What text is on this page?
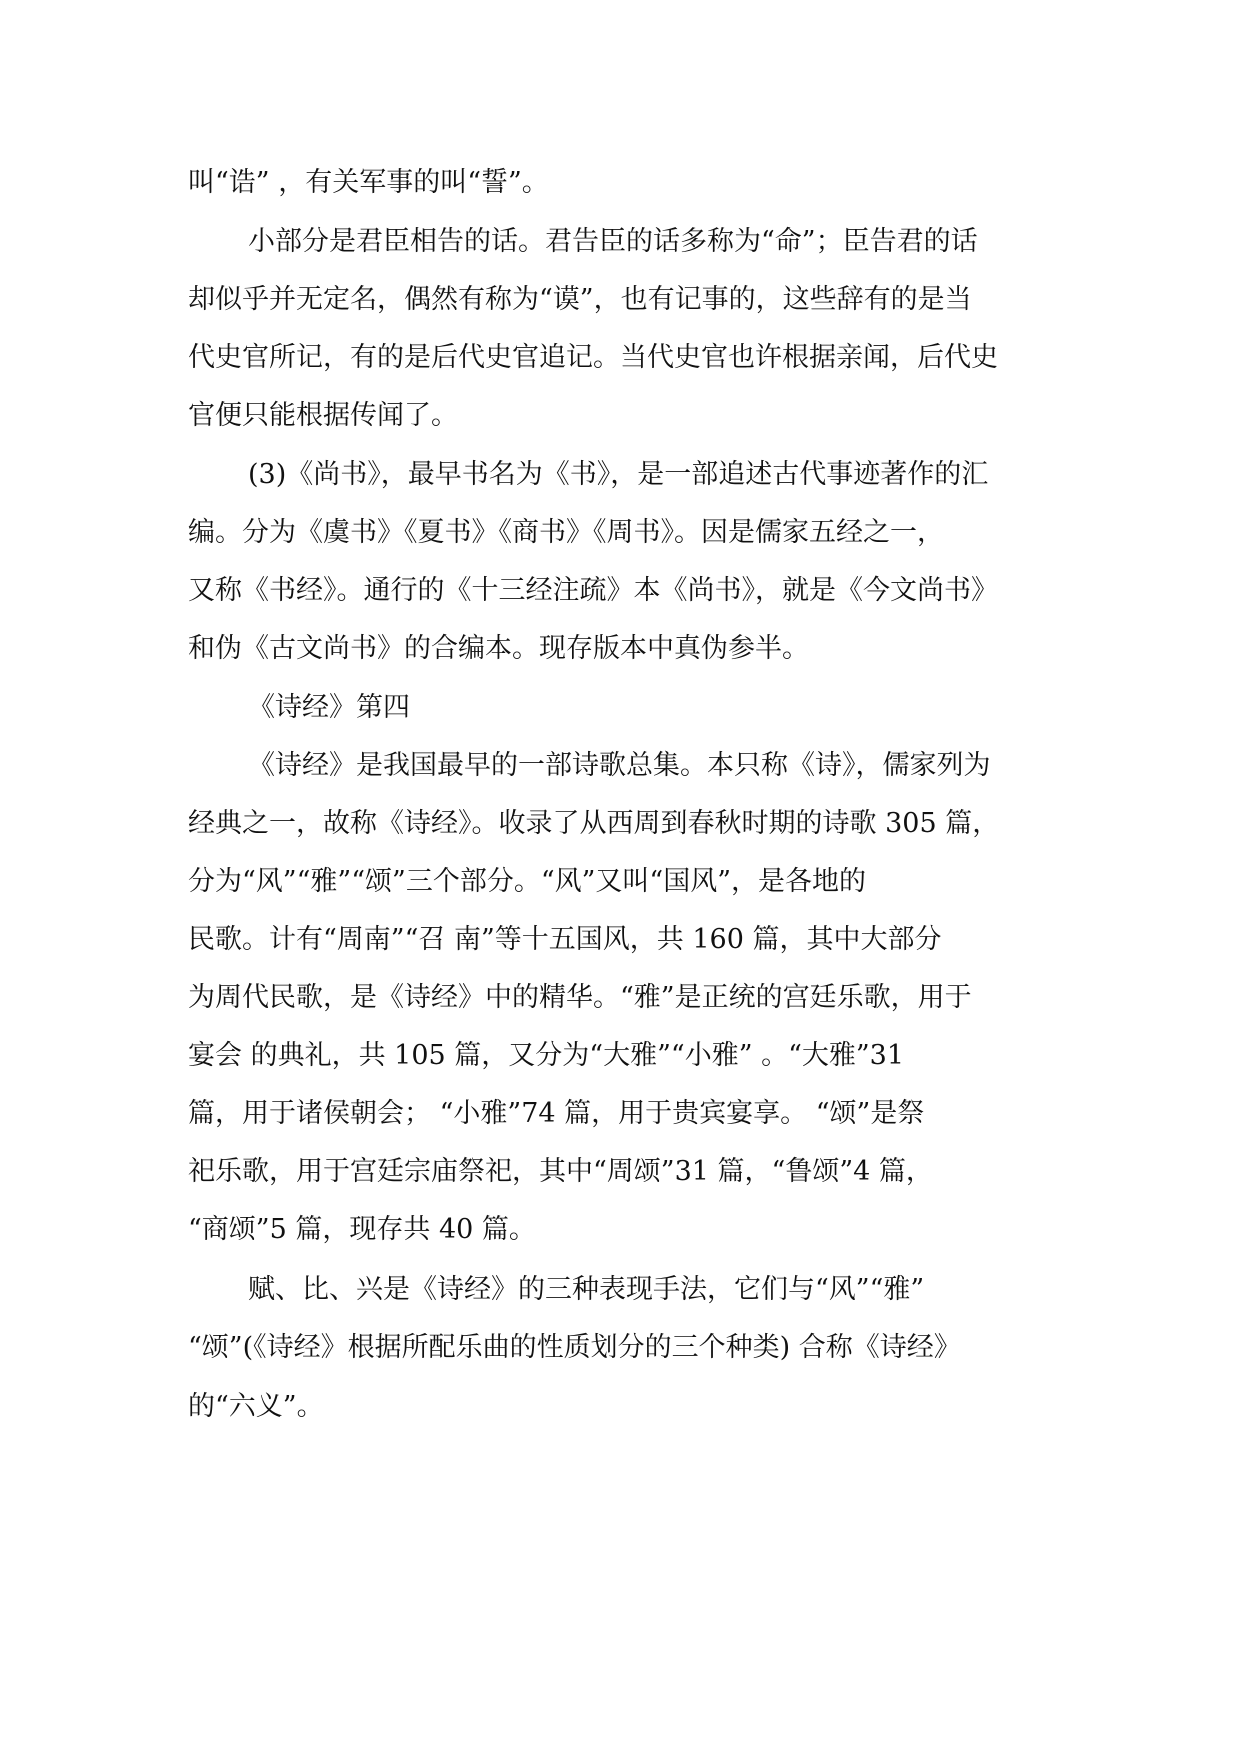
叫“诰” ，有关军事的叫“誓”。
小部分是君臣相告的话。君告臣的话多称为“命”；臣告君的话
却似乎并无定名，偶然有称为“谟”，也有记事的，这些辞有的是当
代史官所记，有的是后代史官追记。当代史官也许根据亲闻，后代史
官便只能根据传闻了。
(3)《尚书》，最早书名为《书》，是一部追述古代事迹著作的汇
编。分为《虞书》《夏书》《商书》《周书》。因是儒家五经之一，
又称《书经》。通行的《十三经注疏》本《尚书》，就是《今文尚书》
和伪《古文尚书》的合编本。现存版本中真伪参半。
《诗经》第四
《诗经》是我国最早的一部诗歌总集。本只称《诗》，儒家列为
经典之一，故称《诗经》。收录了从西周到春秋时期的诗歌 305 篇，
分为“风”“雅”“颂”三个部分。“风”又叫“国风”，是各地的
民歌。计有“周南”“召 南”等十五国风，共 160 篇，其中大部分
为周代民歌，是《诗经》中的精华。“雅”是正统的宫廷乐歌，用于
宴会 的典礼，共 105 篇，又分为“大雅”“小雅” 。“大雅”31
篇，用于诸侯朝会； “小雅”74 篇，用于贵宾宴享。 “颂”是祭
祀乐歌，用于宫廷宗庙祭祀，其中“周颂”31 篇，“鲁颂”4 篇，
“商颂”5 篇，现存共 40 篇。
赋、比、兴是《诗经》的三种表现手法，它们与“风”“雅”
“颂”(《诗经》根据所配乐曲的性质划分的三个种类) 合称《诗经》
的“六义”。
